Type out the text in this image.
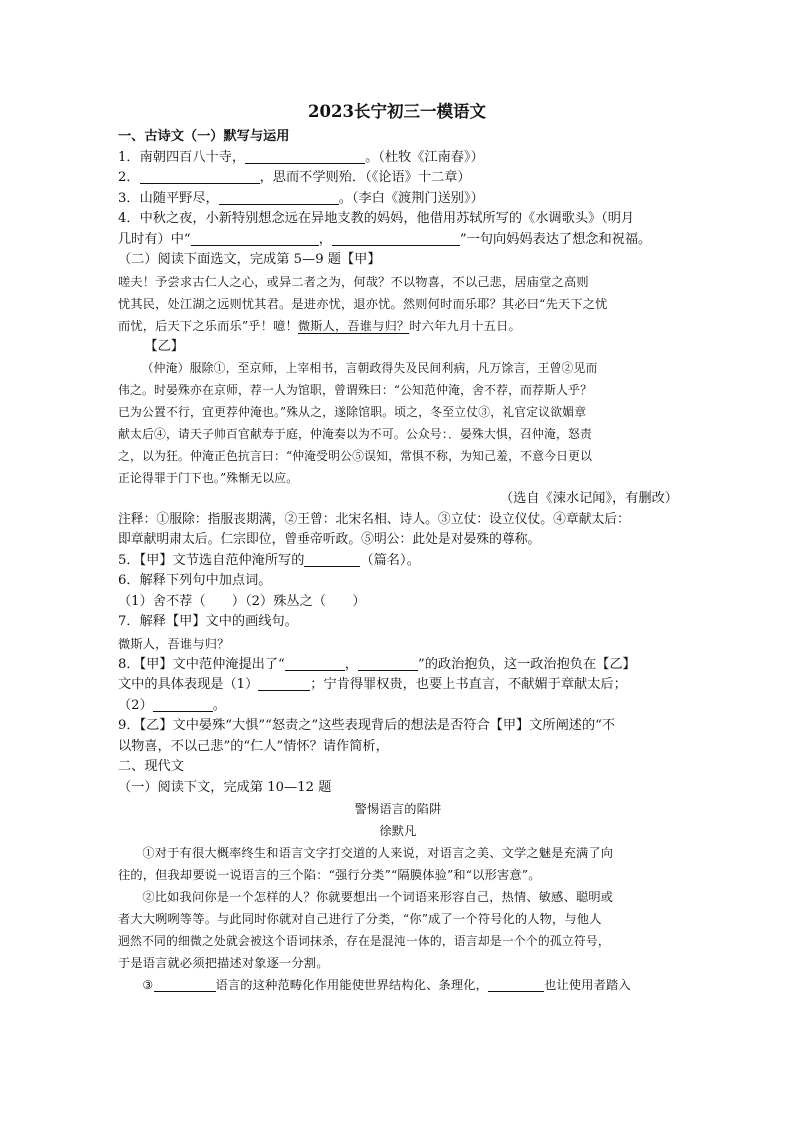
2023长宁初三一模语文
一、古诗文（一）默写与运用
1．南朝四百八十寺，	。（杜牧《江南春》）
2．	，思而不学则殆．（《论语》十二章）
3．山随平野尽，	。（李白《渡荆门送别》）
4．中秋之夜，小新特别想念远在异地支教的妈妈，他借用苏轼所写的《水调歌头》（明月
几时有）中“	，	”一句向妈妈表达了想念和祝福。
（二）阅读下面选文，完成第 5—9 题【甲】
嗟夫！予尝求古仁人之心，或异二者之为，何哉？不以物喜，不以己悲，居庙堂之高则
忧其民，处江湖之远则忧其君。是进亦忧，退亦忧。然则何时而乐耶？其必曰“先天下之忧
而忧，后天下之乐而乐”乎！噫！微斯人，吾谁与归？时六年九月十五日。
【乙】
（仲淹）服除①，至京师，上宰相书，言朝政得失及民间利病，凡万馀言，王曾②见而
伟之。时晏殊亦在京师，荐一人为馆职，曾谓殊曰：“公知范仲淹，舍不荐，而荐斯人乎？
已为公置不行，宜更荐仲淹也。”殊从之，遂除馆职。顷之，冬至立仗③，礼官定议欲媚章
献太后④，请天子帅百官献寿于庭，仲淹奏以为不可。公众号：．晏殊大惧，召仲淹，怒责
之，以为狂。仲淹正色抗言曰：“仲淹受明公⑤误知，常惧不称，为知己羞，不意今日更以
正论得罪于门下也。”殊惭无以应。
（选自《涑水记闻》，有删改）
注释：①服除：指服丧期满，②王曾：北宋名相、诗人。③立仗：设立仪仗。④章献太后：
即章献明肃太后。仁宗即位，曾垂帝听政。⑤明公：此处是对晏殊的尊称。
5．【甲】文节选自范仲淹所写的	（篇名）。
6．解释下列句中加点词。
（1）舍不荐（　　）（2）殊丛之（　　）
7．解释【甲】文中的画线句。
微斯人，吾谁与归？
8．【甲】文中范仲淹提出了“	，	”的政治抱负，这一政治抱负在【乙】
文中的具体表现是（1）	；宁肯得罪权贵，也要上书直言，不献媚于章献太后；
（2）	。
9．【乙】文中晏殊“大惧”“怒责之”这些表现背后的想法是否符合【甲】文所阐述的“不
以物喜，不以己悲”的“仁人”情怀？请作简析，
二、现代文
（一）阅读下文，完成第 10—12 题
警惕语言的陷阱
徐默凡
①对于有很大概率终生和语言文字打交道的人来说，对语言之美、文学之魅是充满了向
往的，但我却要说一说语言的三个陷：“强行分类”“隔膜体验”和“以形害意”。
②比如我问你是一个怎样的人？你就要想出一个词语来形容自己，热情、敏感、聪明或
者大大咧咧等等。与此同时你就对自己进行了分类，“你”成了一个符号化的人物，与他人
迥然不同的细微之处就会被这个语词抹杀，存在是混沌一体的，语言却是一个个的孤立符号，
于是语言就必须把描述对象逐一分割。
③	语言的这种范畴化作用能使世界结构化、条理化，	也让使用者踏入
